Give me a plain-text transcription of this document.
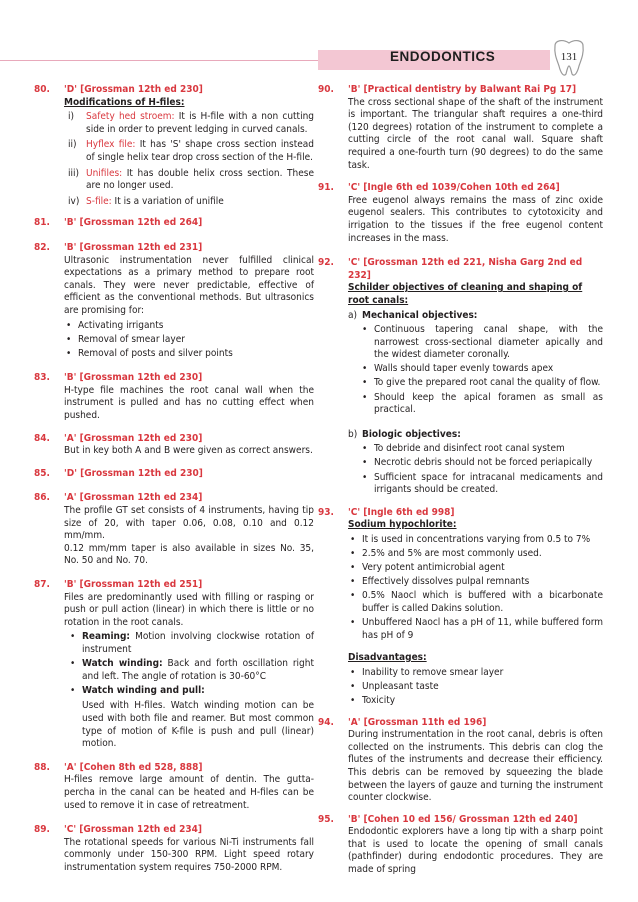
ENDODONTICS	131
80. 'D' [Grossman 12th ed 230]
Modifications of H-files:
i) Safety hed stroem: It is H-file with a non cutting side in order to prevent ledging in curved canals.
ii) Hyflex file: It has 'S' shape cross section instead of single helix tear drop cross section of the H-file.
iii) Unifiles: It has double helix cross section. These are no longer used.
iv) S-file: It is a variation of unifile
81. 'B' [Grossman 12th ed 264]
82. 'B' [Grossman 12th ed 231]

Ultrasonic instrumentation never fulfilled clinical expectations as a primary method to prepare root canals. They were never predictable, effective of efficient as the conventional methods. But ultrasonics are promising for:

• Activating irrigants
• Removal of smear layer
• Removal of posts and silver points
83. 'B' [Grossman 12th ed 230]

H-type file machines the root canal wall when the instrument is pulled and has no cutting effect when pushed.

84. 'A' [Grossman 12th ed 230]

But in key both A and B were given as correct answers.

85. 'D' [Grossman 12th ed 230]
86. 'A' [Grossman 12th ed 234]

The profile GT set consists of 4 instruments, having tip size of 20, with taper 0.06, 0.08, 0.10 and 0.12 mm/mm.

0.12 mm/mm taper is also available in sizes No. 35, No. 50 and No. 70.

87. 'B' [Grossman 12th ed 251]

Files are predominantly used with filling or rasping or push or pull action (linear) in which there is little or no rotation in the root canals.

• Reaming: Motion involving clockwise rotation of instrument
• Watch winding: Back and forth oscillation right and left. The angle of rotation is 30-60°C
• Watch winding and pull:

Used with H-files. Watch winding motion can be used with both file and reamer. But most common type of motion of K-file is push and pull (linear) motion.

88. 'A' [Cohen 8th ed 528, 888]

H-files remove large amount of dentin. The gutta-percha in the canal can be heated and H-files can be used to remove it in case of retreatment.

89. 'C' [Grossman 12th ed 234]

The rotational speeds for various Ni-Ti instruments fall commonly under 150-300 RPM. Light speed rotary instrumentation system requires 750-2000 RPM.

90. 'B' [Practical dentistry by Balwant Rai Pg 17]

The cross sectional shape of the shaft of the instrument is important. The triangular shaft requires a one-third (120 degrees) rotation of the instrument to complete a cutting circle of the root canal wall. Square shaft required a one-fourth turn (90 degrees) to do the same task.

91. 'C' [Ingle 6th ed 1039/Cohen 10th ed 264]

Free eugenol always remains the mass of zinc oxide eugenol sealers. This contributes to cytotoxicity and irrigation to the tissues if the free eugenol content increases in the mass.

92. 'C' [Grossman 12th ed 221, Nisha Garg 2nd ed 232]
Schilder objectives of cleaning and shaping of root canals:
a) Mechanical objectives:
• Continuous tapering canal shape, with the narrowest cross-sectional diameter apically and the widest diameter coronally.
• Walls should taper evenly towards apex
• To give the prepared root canal the quality of flow.
• Should keep the apical foramen as small as practical.
b) Biologic objectives:
• To debride and disinfect root canal system
• Necrotic debris should not be forced periapically
• Sufficient space for intracanal medicaments and irrigants should be created.
93. 'C' [Ingle 6th ed 998]
Sodium hypochlorite:
• It is used in concentrations varying from 0.5 to 7%
• 2.5% and 5% are most commonly used.
• Very potent antimicrobial agent
• Effectively dissolves pulpal remnants
• 0.5% Naocl which is buffered with a bicarbonate buffer is called Dakins solution.
• Unbuffered Naocl has a pH of 11, while buffered form has pH of 9
Disadvantages:
• Inability to remove smear layer
• Unpleasant taste
• Toxicity
94. 'A' [Grossman 11th ed 196]

During instrumentation in the root canal, debris is often collected on the instruments. This debris can clog the flutes of the instruments and decrease their efficiency. This debris can be removed by squeezing the blade between the layers of gauze and turning the instrument counter clockwise.

95. 'B' [Cohen 10 ed 156/ Grossman 12th ed 240]

Endodontic explorers have a long tip with a sharp point that is used to locate the opening of small canals (pathfinder) during endodontic procedures. They are made of spring
